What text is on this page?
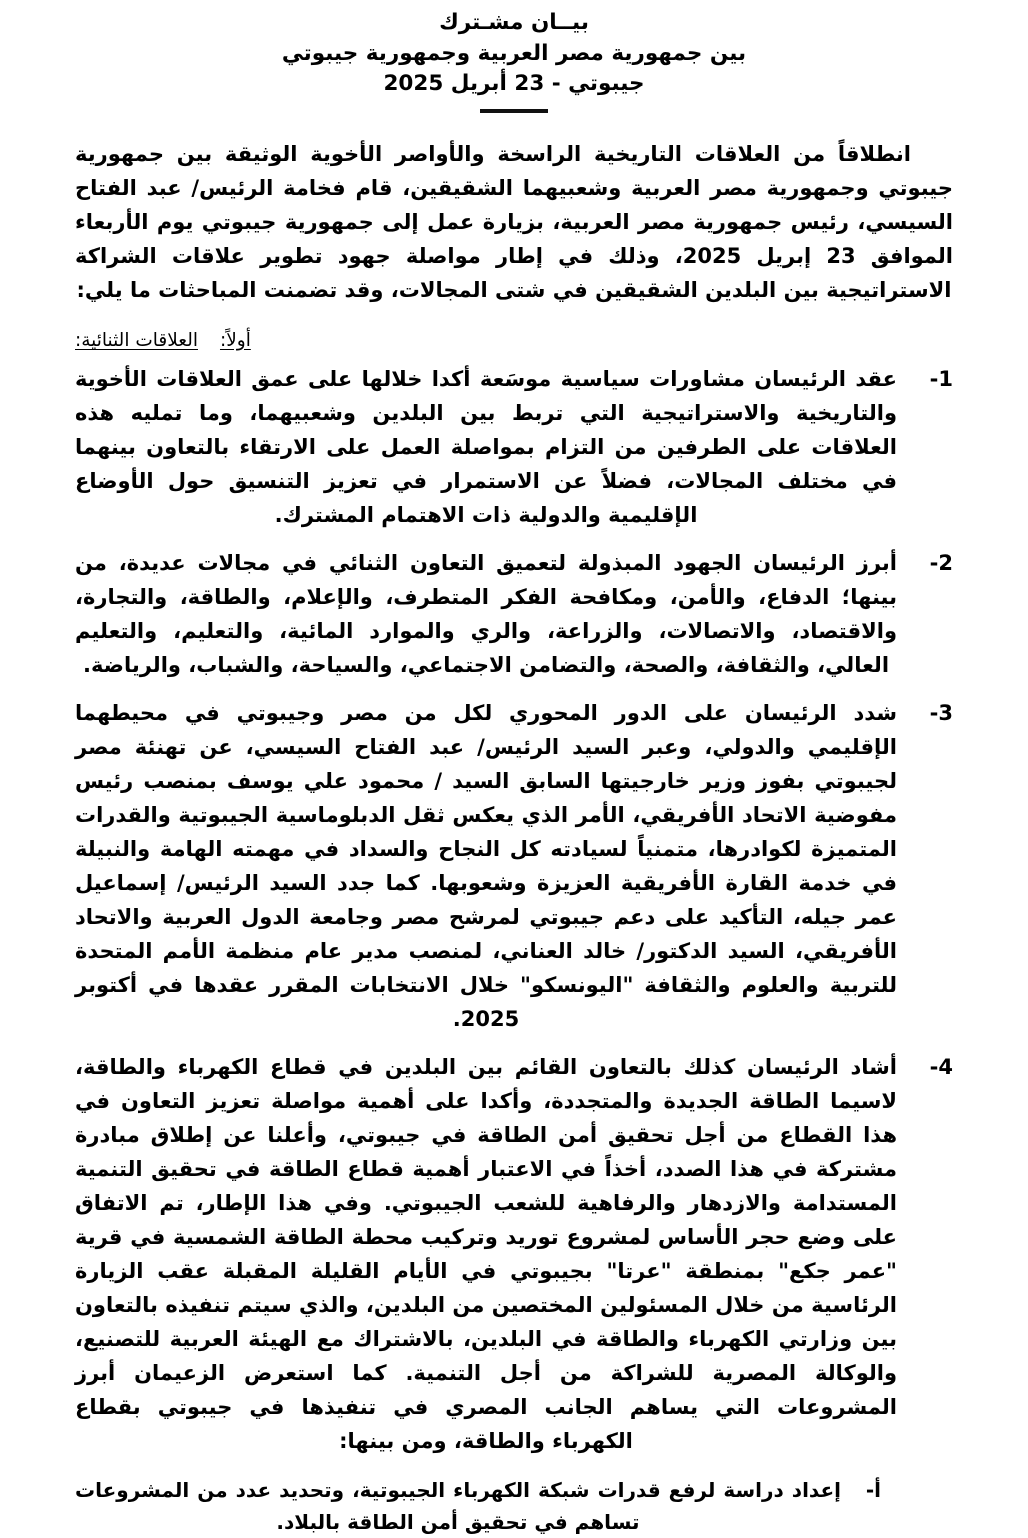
بيــان مشـترك
بين جمهورية مصر العربية وجمهورية جيبوتي
جيبوتي - 23 أبريل 2025

انطلاقاً من العلاقات التاريخية الراسخة والأواصر الأخوية الوثيقة بين جمهورية جيبوتي وجمهورية مصر العربية وشعبيهما الشقيقين، قام فخامة الرئيس/ عبد الفتاح السيسي، رئيس جمهورية مصر العربية، بزيارة عمل إلى جمهورية جيبوتي يوم الأربعاء الموافق 23 إبريل 2025، وذلك في إطار مواصلة جهود تطوير علاقات الشراكة الاستراتيجية بين البلدين الشقيقين في شتى المجالات، وقد تضمنت المباحثات ما يلي:

أولاً:
العلاقات الثنائية:
-1
عقد الرئيسان مشاورات سياسية موسَعة أكدا خلالها على عمق العلاقات الأخوية والتاريخية والاستراتيجية التي تربط بين البلدين وشعبيهما، وما تمليه هذه العلاقات على الطرفين من التزام بمواصلة العمل على الارتقاء بالتعاون بينهما في مختلف المجالات، فضلاً عن الاستمرار في تعزيز التنسيق حول الأوضاع الإقليمية والدولية ذات الاهتمام المشترك.
-2
أبرز الرئيسان الجهود المبذولة لتعميق التعاون الثنائي في مجالات عديدة، من بينها؛ الدفاع، والأمن، ومكافحة الفكر المتطرف، والإعلام، والطاقة، والتجارة، والاقتصاد، والاتصالات، والزراعة، والري والموارد المائية، والتعليم، والتعليم العالي، والثقافة، والصحة، والتضامن الاجتماعي، والسياحة، والشباب، والرياضة.
-3
شدد الرئيسان على الدور المحوري لكل من مصر وجيبوتي في محيطهما الإقليمي والدولي، وعبر السيد الرئيس/ عبد الفتاح السيسي، عن تهنئة مصر لجيبوتي بفوز وزير خارجيتها السابق السيد / محمود علي يوسف بمنصب رئيس مفوضية الاتحاد الأفريقي، الأمر الذي يعكس ثقل الدبلوماسية الجيبوتية والقدرات المتميزة لكوادرها، متمنياً لسيادته كل النجاح والسداد في مهمته الهامة والنبيلة في خدمة القارة الأفريقية العزيزة وشعوبها. كما جدد السيد الرئيس/ إسماعيل عمر جيله، التأكيد على دعم جيبوتي لمرشح مصر وجامعة الدول العربية والاتحاد الأفريقي، السيد الدكتور/ خالد العناني، لمنصب مدير عام منظمة الأمم المتحدة للتربية والعلوم والثقافة "اليونسكو" خلال الانتخابات المقرر عقدها في أكتوبر 2025.
-4
أشاد الرئيسان كذلك بالتعاون القائم بين البلدين في قطاع الكهرباء والطاقة، لاسيما الطاقة الجديدة والمتجددة، وأكدا على أهمية مواصلة تعزيز التعاون في هذا القطاع من أجل تحقيق أمن الطاقة في جيبوتي، وأعلنا عن إطلاق مبادرة مشتركة في هذا الصدد، أخذاً في الاعتبار أهمية قطاع الطاقة في تحقيق التنمية المستدامة والازدهار والرفاهية للشعب الجيبوتي. وفي هذا الإطار، تم الاتفاق على وضع حجر الأساس لمشروع توريد وتركيب محطة الطاقة الشمسية في قرية "عمر جكع" بمنطقة "عرتا" بجيبوتي في الأيام القليلة المقبلة عقب الزيارة الرئاسية من خلال المسئولين المختصين من البلدين، والذي سيتم تنفيذه بالتعاون بين وزارتي الكهرباء والطاقة في البلدين، بالاشتراك مع الهيئة العربية للتصنيع، والوكالة المصرية للشراكة من أجل التنمية. كما استعرض الزعيمان أبرز المشروعات التي يساهم الجانب المصري في تنفيذها في جيبوتي بقطاع الكهرباء والطاقة، ومن بينها:
أ-
إعداد دراسة لرفع قدرات شبكة الكهرباء الجيبوتية، وتحديد عدد من المشروعات تساهم في تحقيق أمن الطاقة بالبلاد.
